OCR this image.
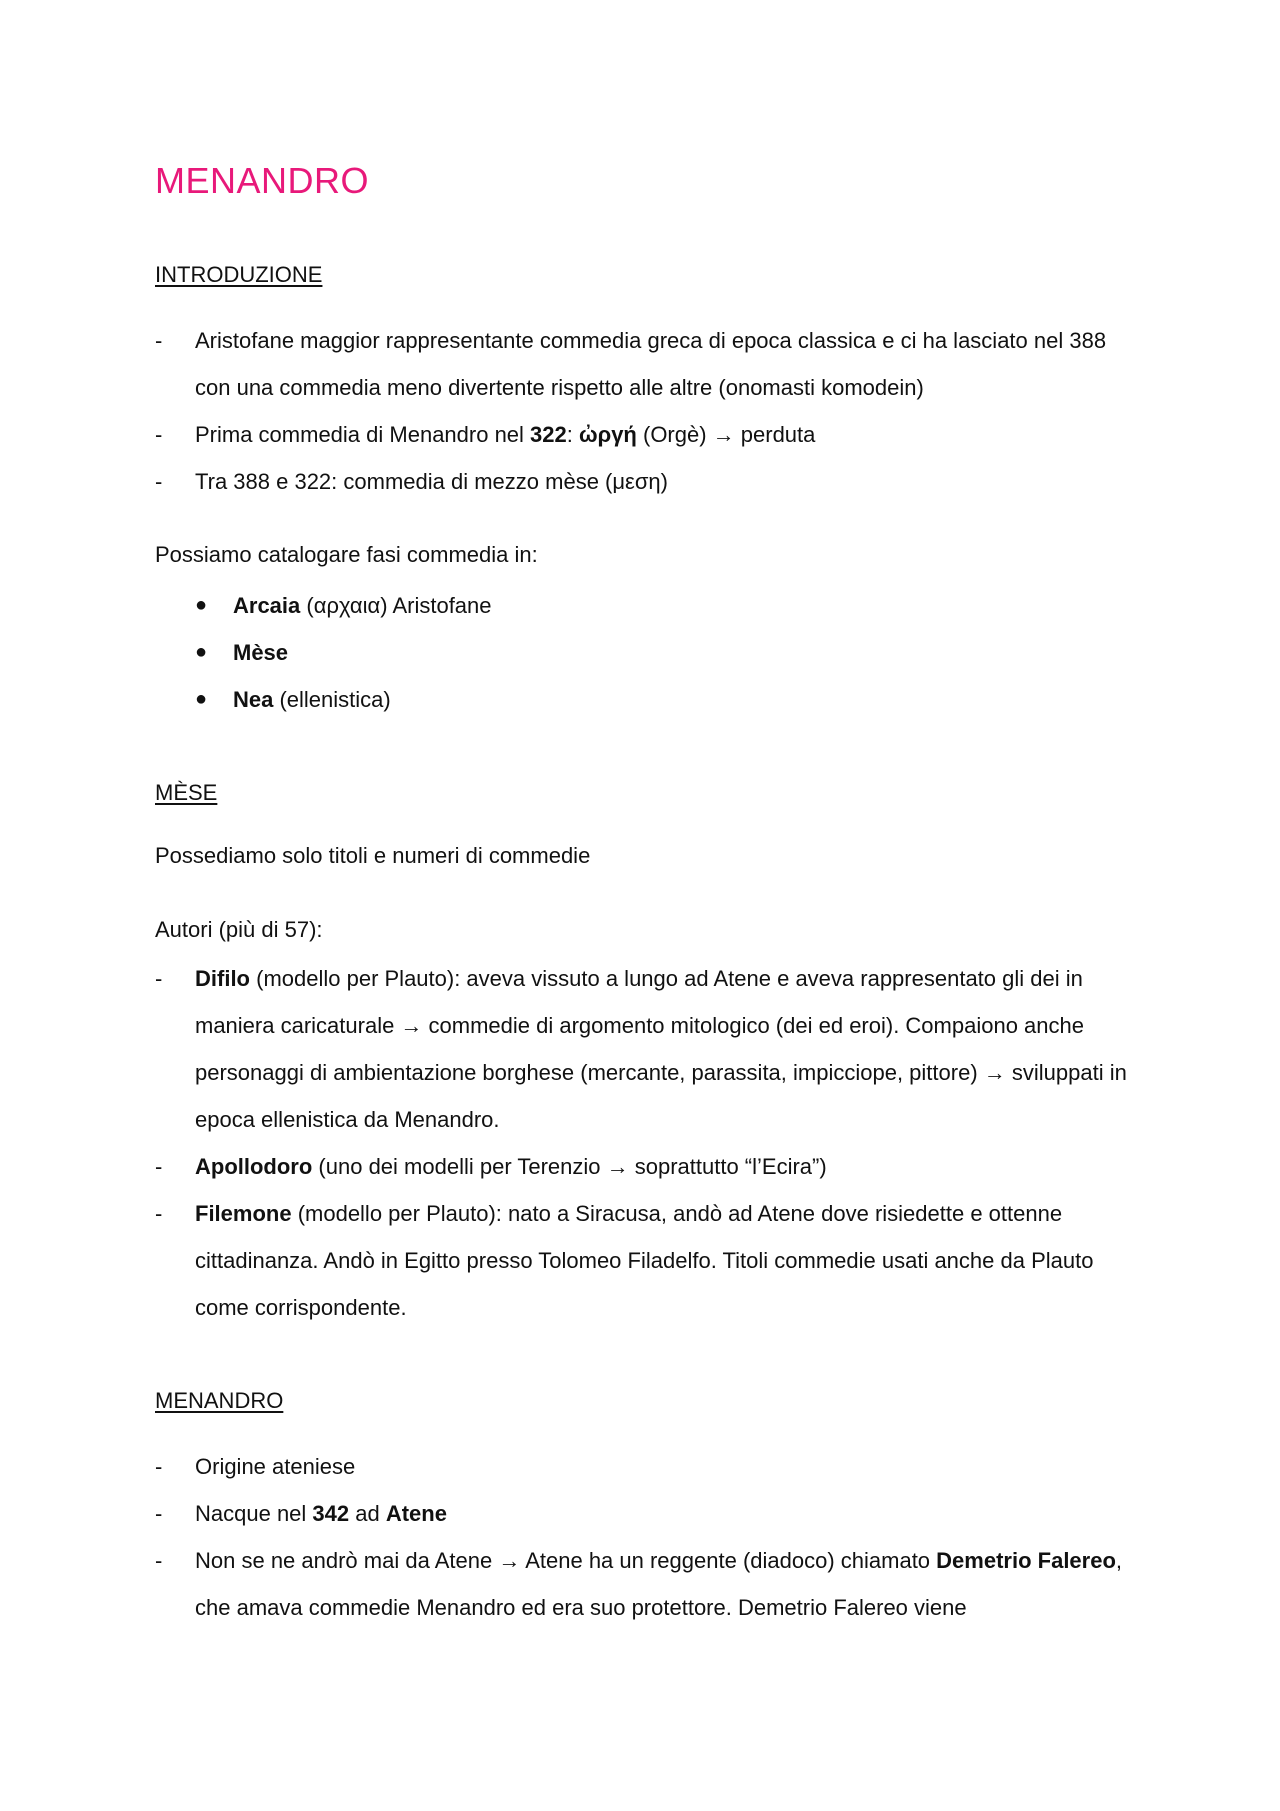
MENANDRO
INTRODUZIONE
- Aristofane maggior rappresentante commedia greca di epoca classica e ci ha lasciato nel 388 con una commedia meno divertente rispetto alle altre (onomasti komodein)
- Prima commedia di Menandro nel 322: ὠργή (Orgè) → perduta
- Tra 388 e 322: commedia di mezzo mèse (μεση)

Possiamo catalogare fasi commedia in:

● Arcaia (αρχαια) Aristofane
● Mèse
● Nea (ellenistica)
MÈSE

Possediamo solo titoli e numeri di commedie

Autori (più di 57):

- Difilo (modello per Plauto): aveva vissuto a lungo ad Atene e aveva rappresentato gli dei in maniera caricaturale → commedie di argomento mitologico (dei ed eroi). Compaiono anche personaggi di ambientazione borghese (mercante, parassita, impicciope, pittore) → sviluppati in epoca ellenistica da Menandro.
- Apollodoro (uno dei modelli per Terenzio → soprattutto “l’Ecira”)
- Filemone (modello per Plauto): nato a Siracusa, andò ad Atene dove risiedette e ottenne cittadinanza. Andò in Egitto presso Tolomeo Filadelfo. Titoli commedie usati anche da Plauto come corrispondente.
MENANDRO
- Origine ateniese
- Nacque nel 342 ad Atene
- Non se ne andrò mai da Atene → Atene ha un reggente (diadoco) chiamato Demetrio Falereo, che amava commedie Menandro ed era suo protettore. Demetrio Falereo viene
